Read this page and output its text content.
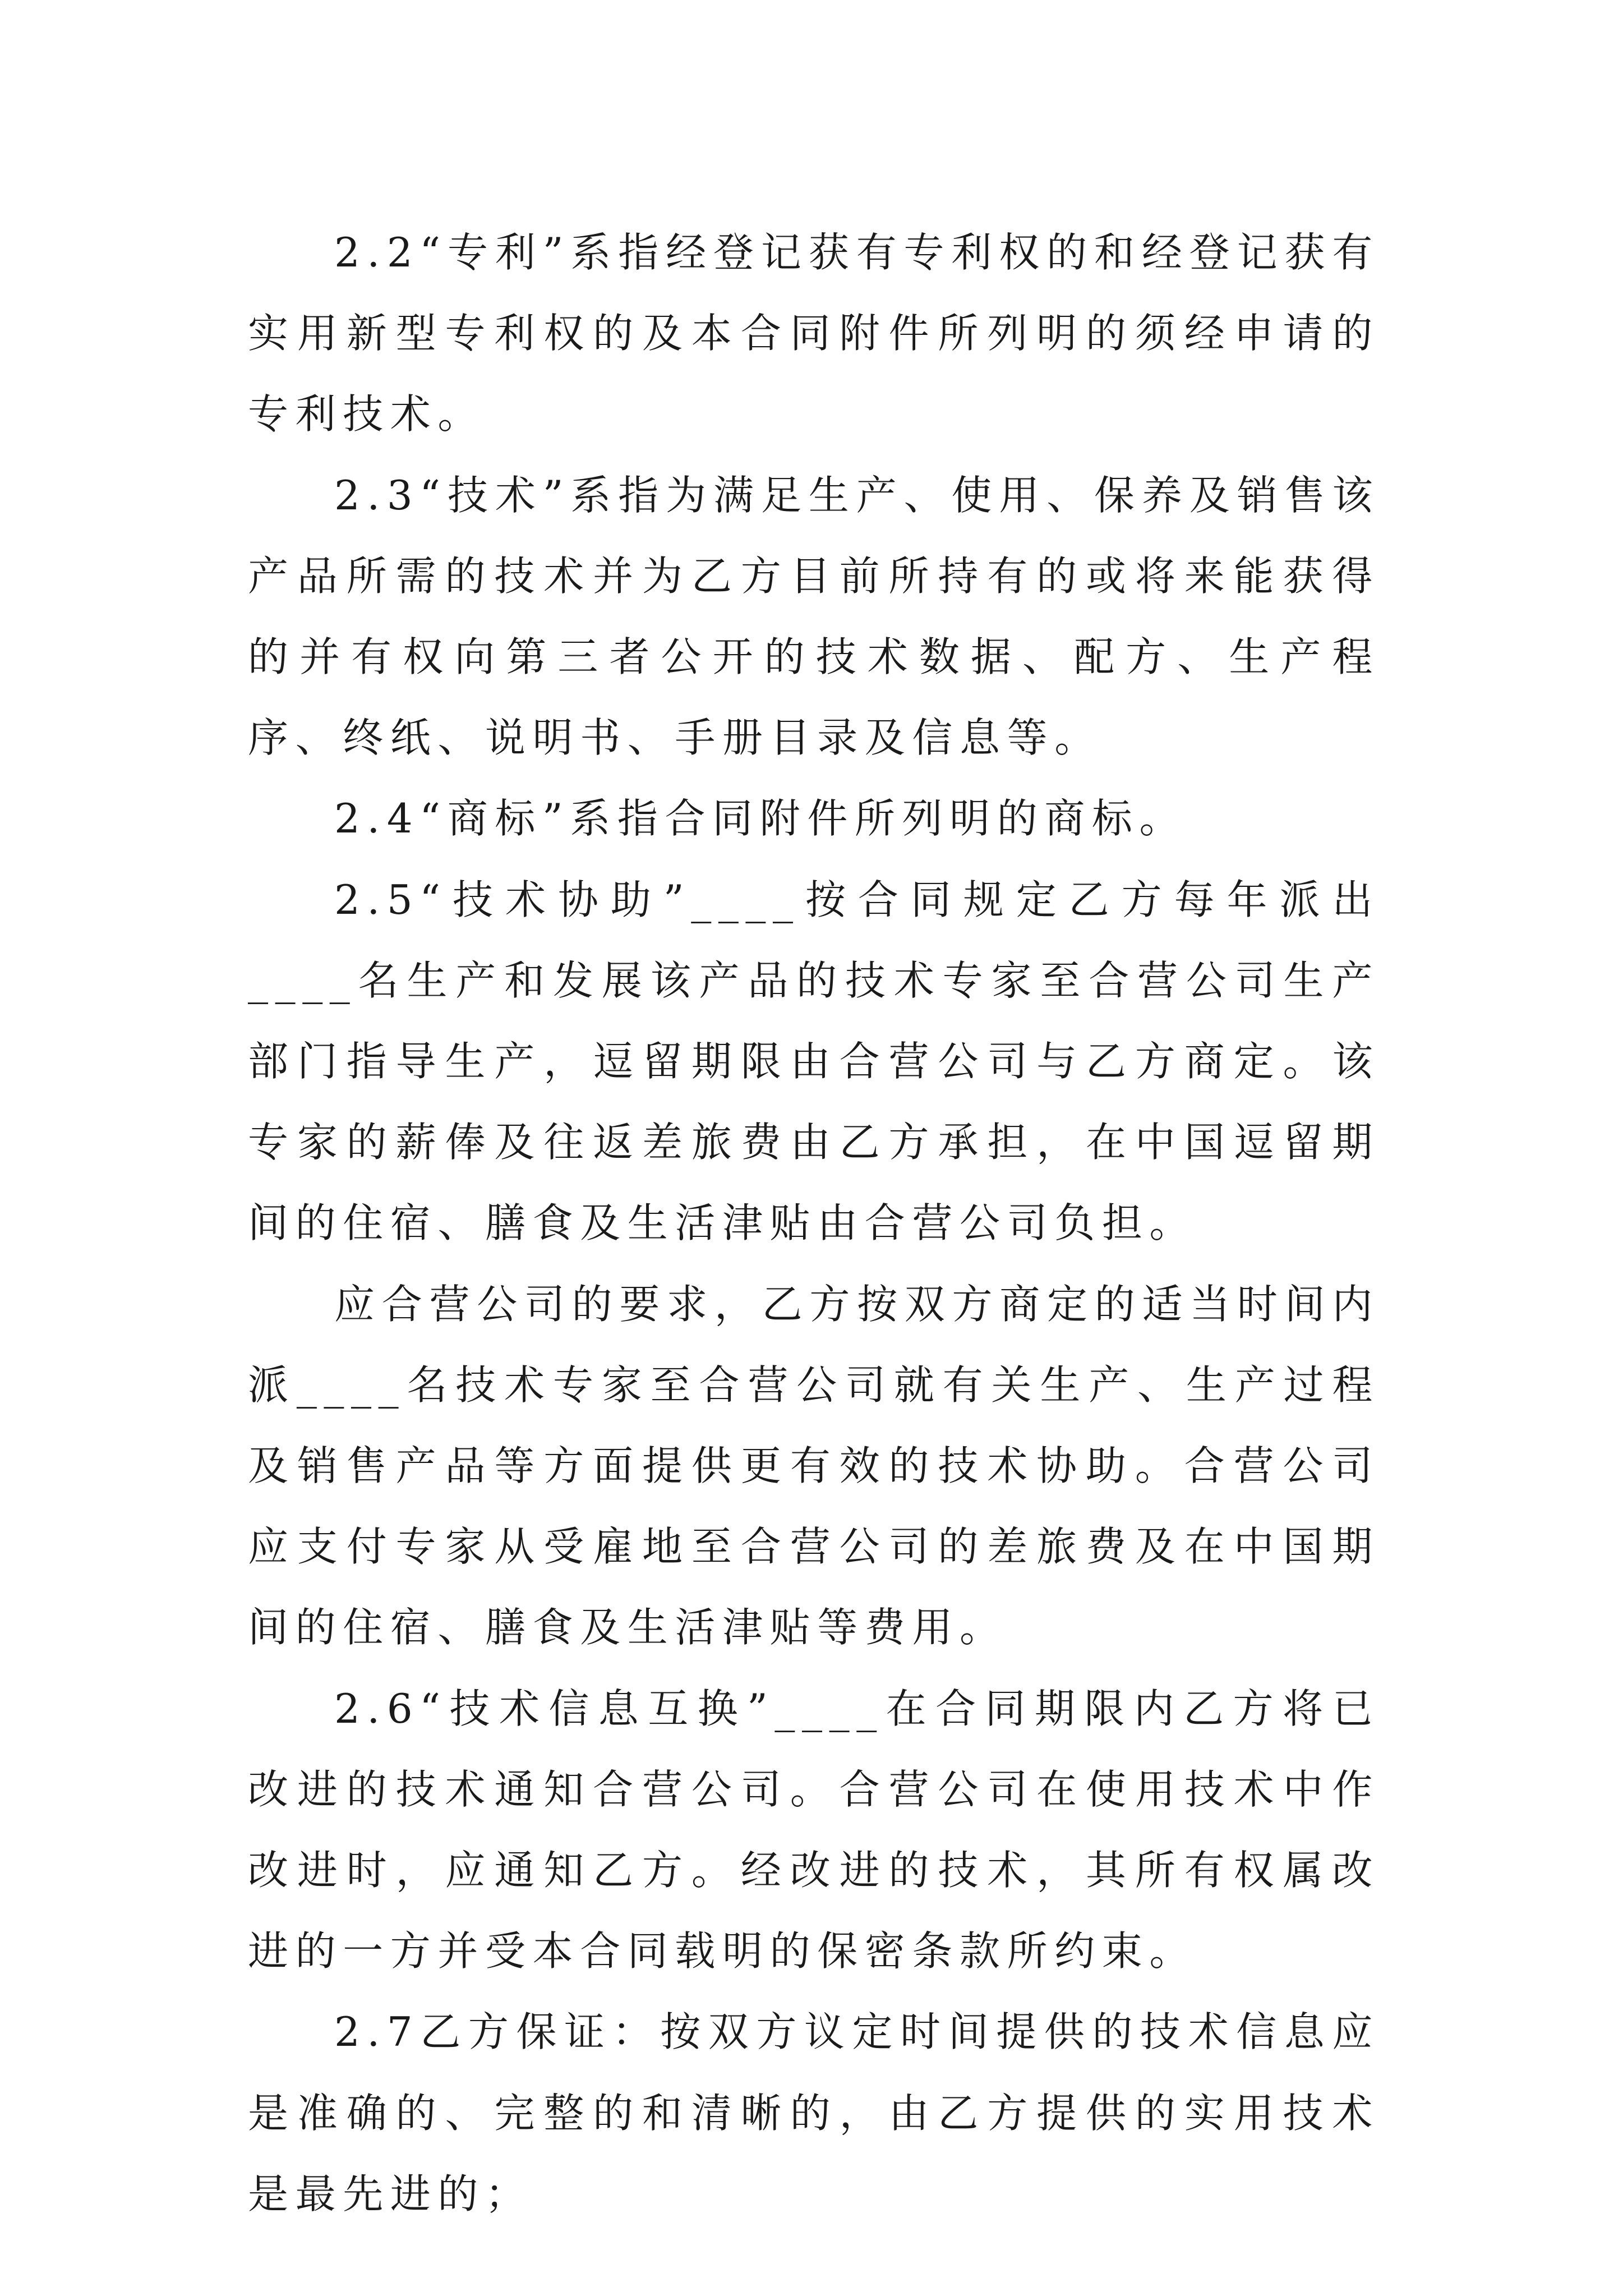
2.2“专利”系指经登记获有专利权的和经登记获有实用新型专利权的及本合同附件所列明的须经申请的专利技术。

2.3“技术”系指为满足生产、使用、保养及销售该产品所需的技术并为乙方目前所持有的或将来能获得的并有权向第三者公开的技术数据、配方、生产程序、终纸、说明书、手册目录及信息等。

2.4“商标”系指合同附件所列明的商标。

2.5“技术协助”____按合同规定乙方每年派出____名生产和发展该产品的技术专家至合营公司生产部门指导生产，逗留期限由合营公司与乙方商定。该专家的薪俸及往返差旅费由乙方承担，在中国逗留期间的住宿、膳食及生活津贴由合营公司负担。

应合营公司的要求，乙方按双方商定的适当时间内派____名技术专家至合营公司就有关生产、生产过程及销售产品等方面提供更有效的技术协助。合营公司应支付专家从受雇地至合营公司的差旅费及在中国期间的住宿、膳食及生活津贴等费用。

2.6“技术信息互换”____在合同期限内乙方将已改进的技术通知合营公司。合营公司在使用技术中作改进时，应通知乙方。经改进的技术，其所有权属改进的一方并受本合同载明的保密条款所约束。

2.7乙方保证：按双方议定时间提供的技术信息应是准确的、完整的和清晰的，由乙方提供的实用技术是最先进的；
